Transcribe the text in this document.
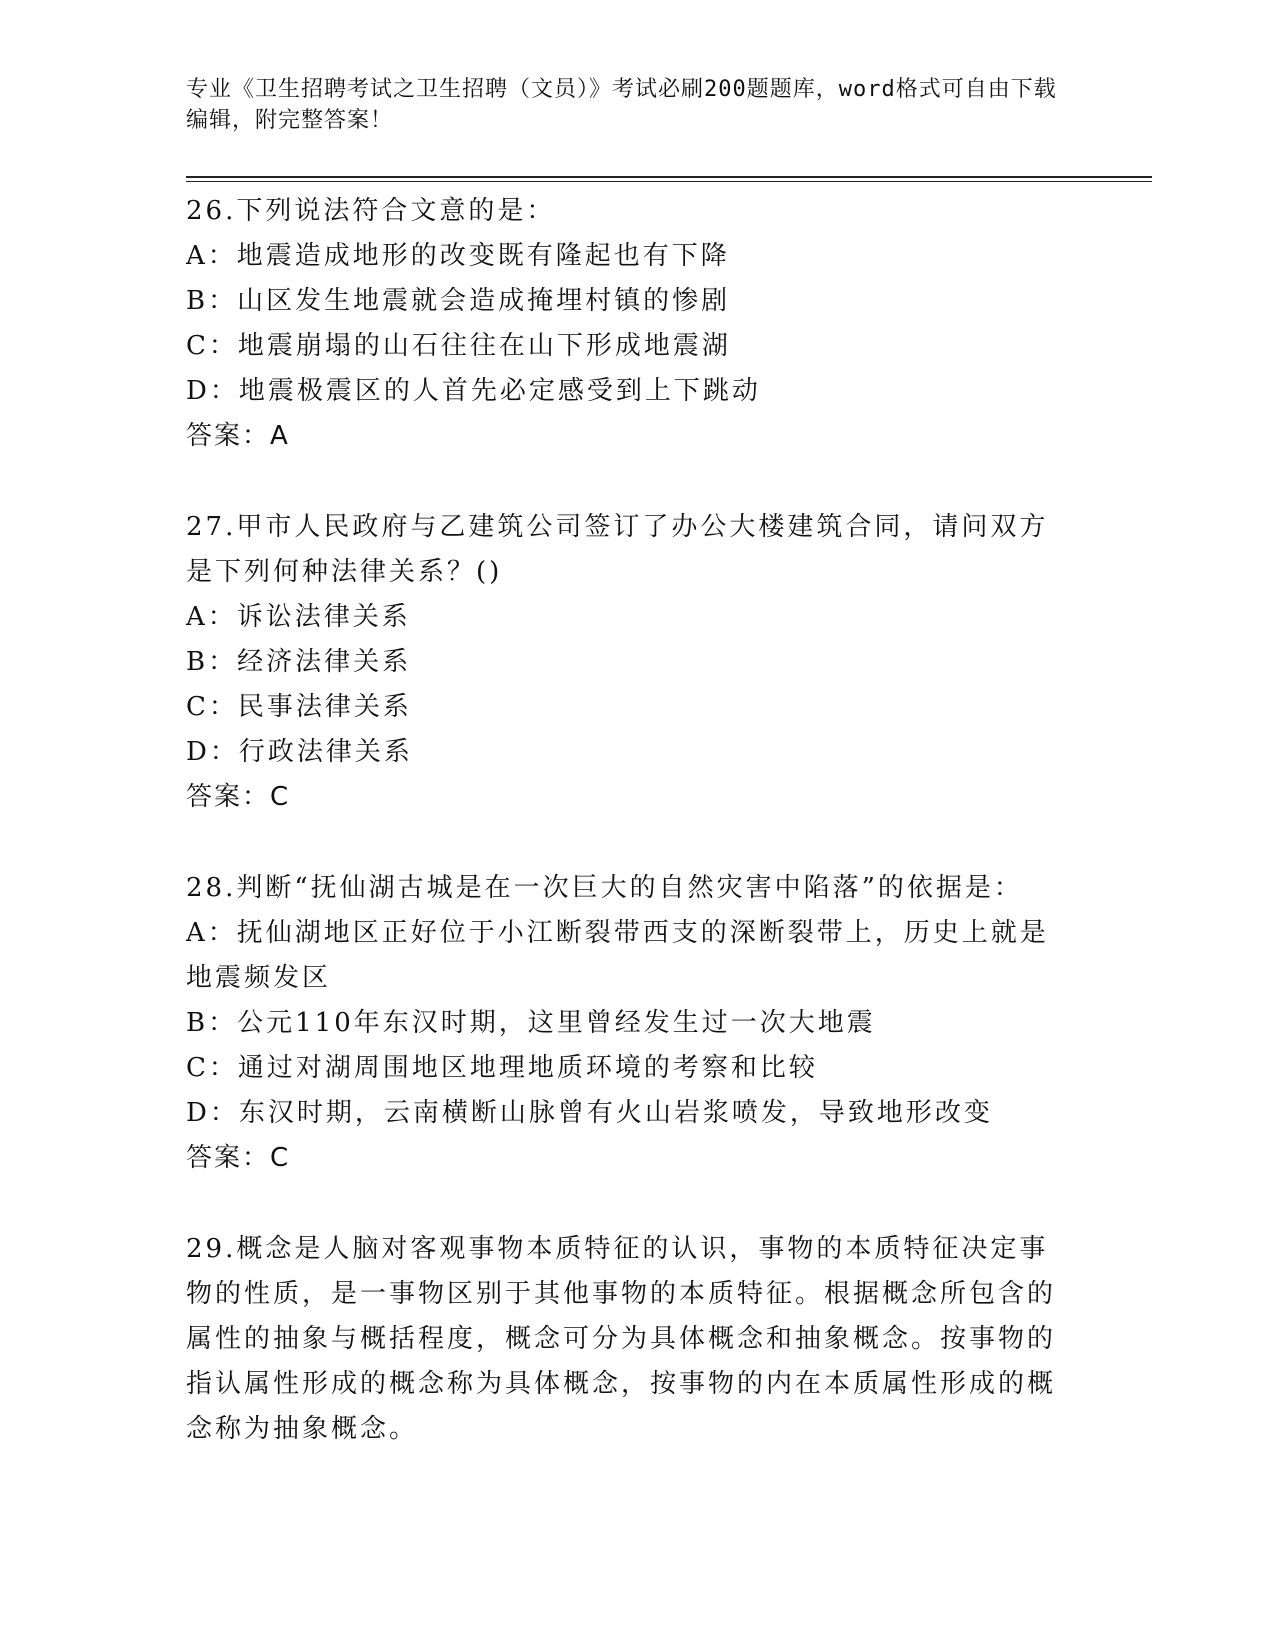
专业《卫生招聘考试之卫生招聘（文员）》考试必刷200题题库，word格式可自由下载编辑，附完整答案！
26.下列说法符合文意的是：
A：地震造成地形的改变既有隆起也有下降
B：山区发生地震就会造成掩埋村镇的惨剧
C：地震崩塌的山石往往在山下形成地震湖
D：地震极震区的人首先必定感受到上下跳动
答案：A
27.甲市人民政府与乙建筑公司签订了办公大楼建筑合同，请问双方是下列何种法律关系？()
A：诉讼法律关系
B：经济法律关系
C：民事法律关系
D：行政法律关系
答案：C
28.判断“抚仙湖古城是在一次巨大的自然灾害中陷落”的依据是：
A：抚仙湖地区正好位于小江断裂带西支的深断裂带上，历史上就是地震频发区
B：公元110年东汉时期，这里曾经发生过一次大地震
C：通过对湖周围地区地理地质环境的考察和比较
D：东汉时期，云南横断山脉曾有火山岩浆喷发，导致地形改变
答案：C
29.概念是人脑对客观事物本质特征的认识，事物的本质特征决定事物的性质，是一事物区别于其他事物的本质特征。根据概念所包含的属性的抽象与概括程度，概念可分为具体概念和抽象概念。按事物的指认属性形成的概念称为具体概念，按事物的内在本质属性形成的概念称为抽象概念。
